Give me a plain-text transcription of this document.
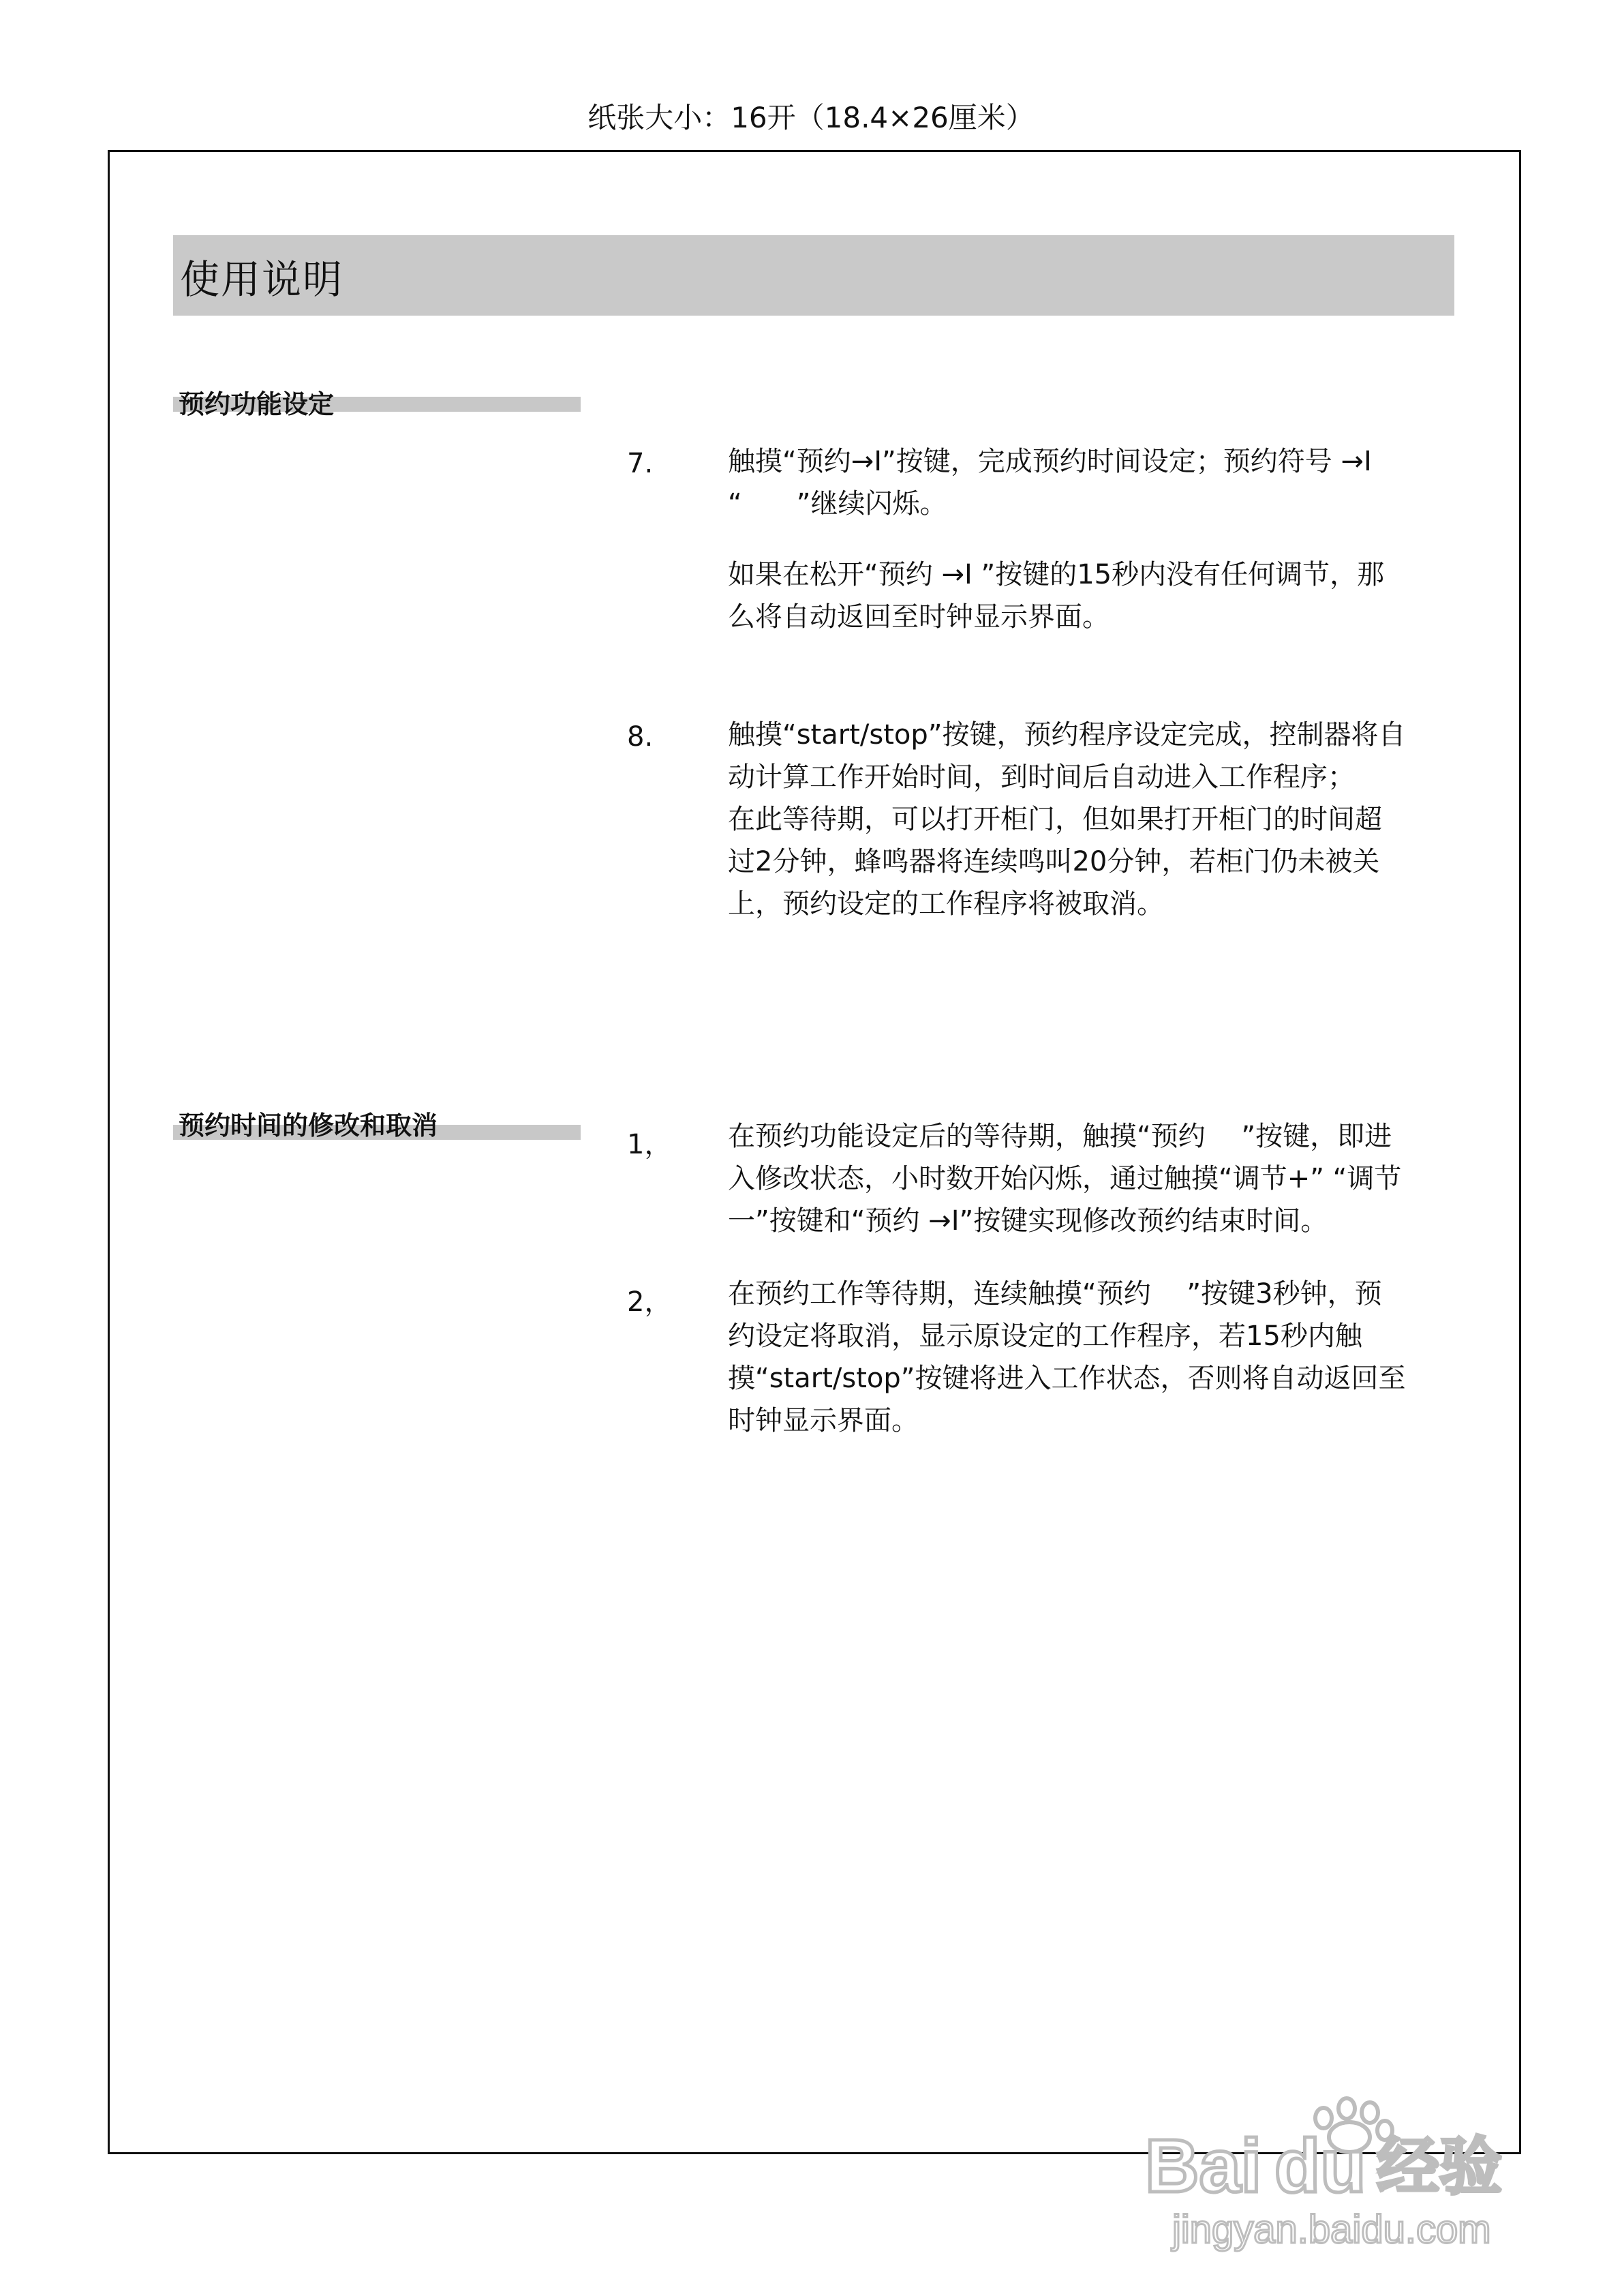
纸张大小：16开（18.4×26厘米）
使用说明
预约功能设定
7.	触摸“预约→I”按键，完成预约时间设定；预约符号 →I

“　　 ”继续闪烁。

如果在松开“预约 →I ”按键的15秒内没有任何调节，那

么将自动返回至时钟显示界面。

8.	触摸“start/stop”按键，预约程序设定完成，控制器将自

动计算工作开始时间，到时间后自动进入工作程序；

在此等待期，可以打开柜门，但如果打开柜门的时间超

过2分钟，蜂鸣器将连续鸣叫20分钟，若柜门仍未被关

上，预约设定的工作程序将被取消。

预约时间的修改和取消
1， 在预约功能设定后的等待期，触摸“预约　 ”按键，即进

入修改状态，小时数开始闪烁，通过触摸“调节+” “调节

一”按键和“预约 →I”按键实现修改预约结束时间。

2， 在预约工作等待期，连续触摸“预约　 ”按键3秒钟，预

约设定将取消，显示原设定的工作程序，若15秒内触

摸“start/stop”按键将进入工作状态，否则将自动返回至

时钟显示界面。

Bai du 经验
jingyan.baidu.com
